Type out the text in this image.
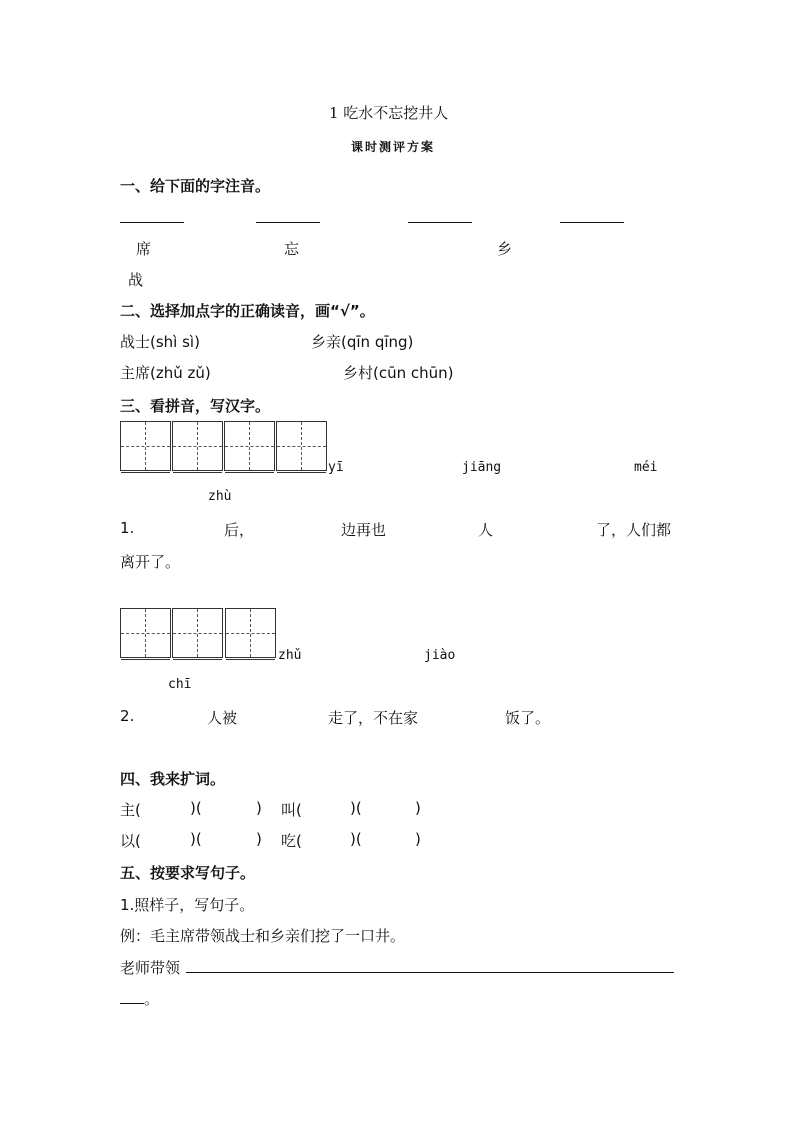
1 吃水不忘挖井人
课时测评方案
一、给下面的字注音。
席	忘	乡
战
二、选择加点字的正确读音，画“√”。
战士(shì sì)	乡亲(qīn qīng)
主席(zhǔ zǔ)	乡村(cūn chūn)
三、看拼音，写汉字。
yī	jiāng	méi
zhù
1.	后，	边再也	人	了，人们都
离开了。
zhǔ	jiào
chī
2.	人被	走了，不在家	饭了。
四、我来扩词。
主(	)(	) 叫(	)(	)
以(	)(	) 吃(	)(	)
五、按要求写句子。
1.照样子，写句子。
例：毛主席带领战士和乡亲们挖了一口井。
老师带领
。
